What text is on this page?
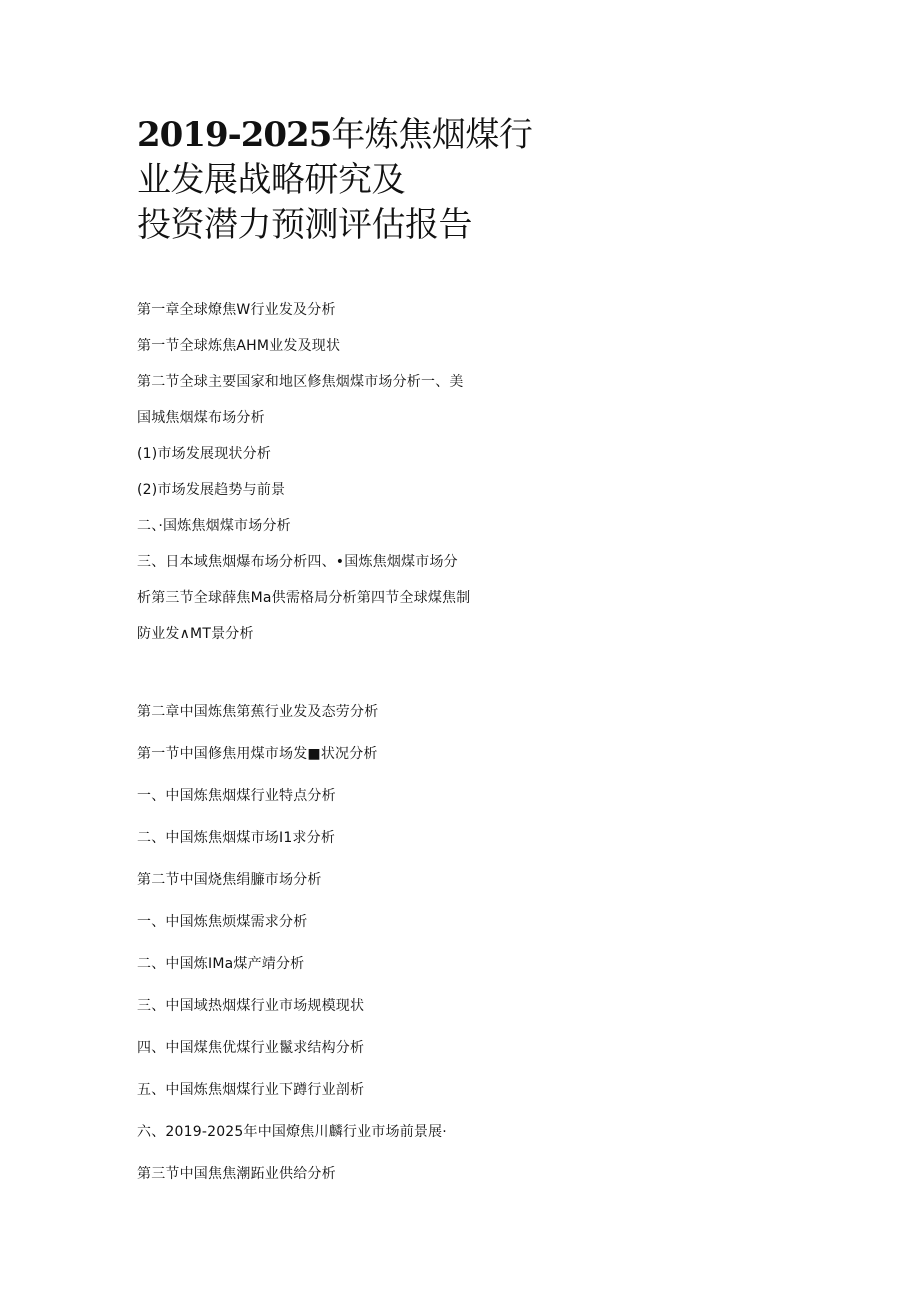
2019-2025年炼焦烟煤行
业发展战略研究及
投资潜力预测评估报告
第一章全球燎焦W行业发及分析
第一节全球炼焦AHM业发及现状
第二节全球主要国家和地区修焦烟煤市场分析一、美
国城焦烟煤布场分析
(1)市场发展现状分析
(2)市场发展趋势与前景
二、·国炼焦烟煤市场分析
三、日本域焦烟爆布场分析四、•国炼焦烟煤市场分
析第三节全球薛焦Ma供需格局分析第四节全球煤焦制
防业发∧MT景分析
第二章中国炼焦第蕉行业发及态劳分析
第一节中国修焦用煤市场发■状况分析
一、中国炼焦烟煤行业特点分析
二、中国炼焦烟煤市场I1求分析
第二节中国烧焦绢臁市场分析
一、中国炼焦烦煤需求分析
二、中国炼IMa煤产靖分析
三、中国域热烟煤行业市场规模现状
四、中国煤焦优煤行业鬣求结构分析
五、中国炼焦烟煤行业下蹲行业剖析
六、2019-2025年中国燎焦川麟行业市场前景展·
第三节中国焦焦潮跖业供给分析
